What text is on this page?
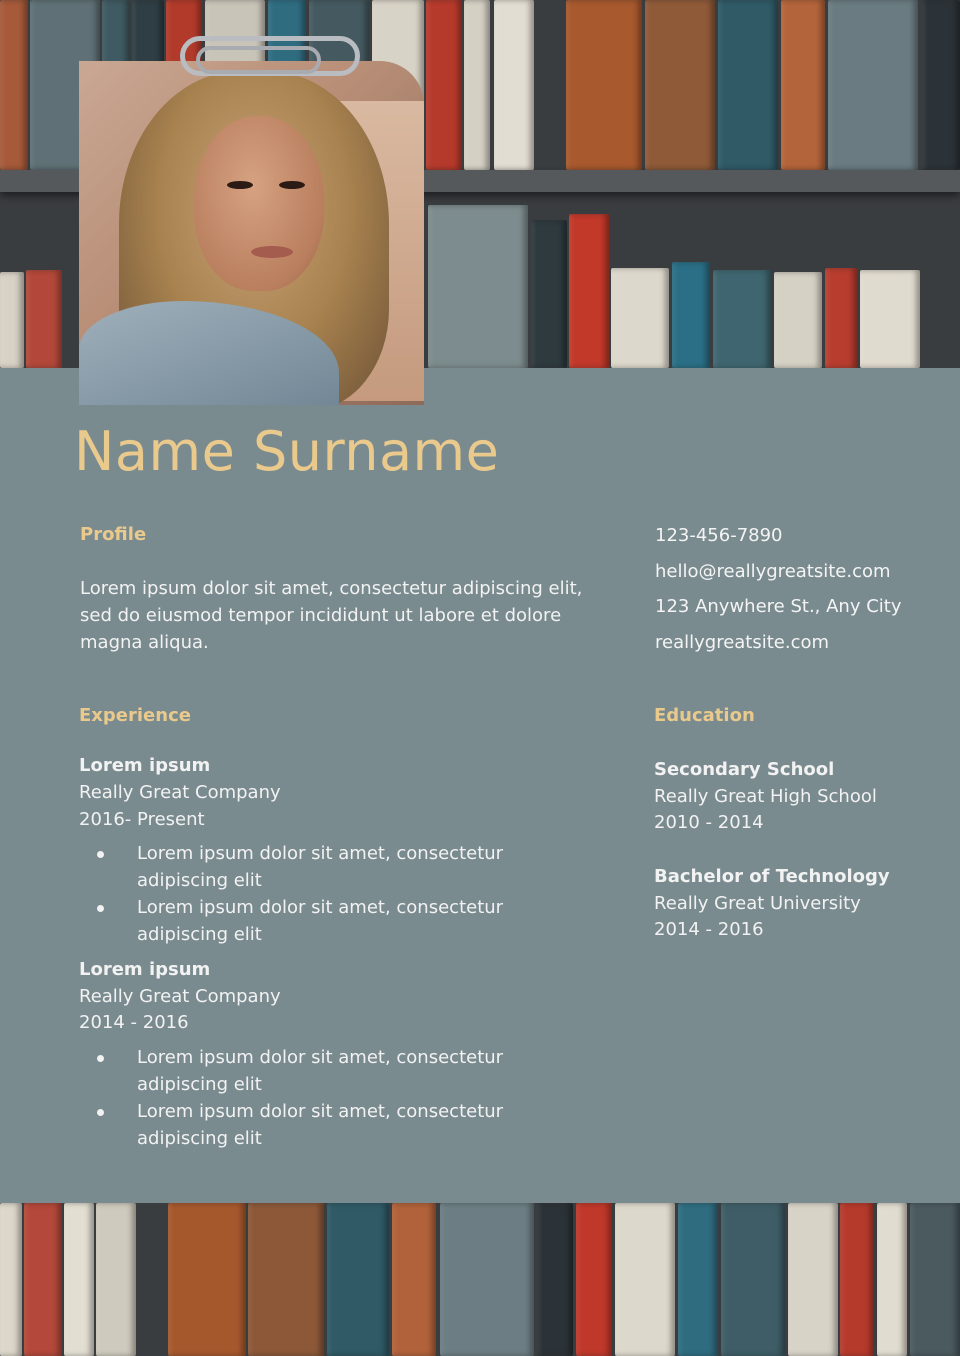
Name Surname
Profile

Lorem ipsum dolor sit amet, consectetur adipiscing elit, sed do eiusmod tempor incididunt ut labore et dolore magna aliqua.

123-456-7890

hello@reallygreatsite.com

123 Anywhere St., Any City

reallygreatsite.com

Experience

Lorem ipsum

Really Great Company

2016- Present

Lorem ipsum dolor sit amet, consectetur adipiscing elit
Lorem ipsum dolor sit amet, consectetur adipiscing elit

Lorem ipsum

Really Great Company

2014 - 2016

Lorem ipsum dolor sit amet, consectetur adipiscing elit
Lorem ipsum dolor sit amet, consectetur adipiscing elit
Education

Secondary School

Really Great High School

2010 - 2014

Bachelor of Technology

Really Great University

2014 - 2016
